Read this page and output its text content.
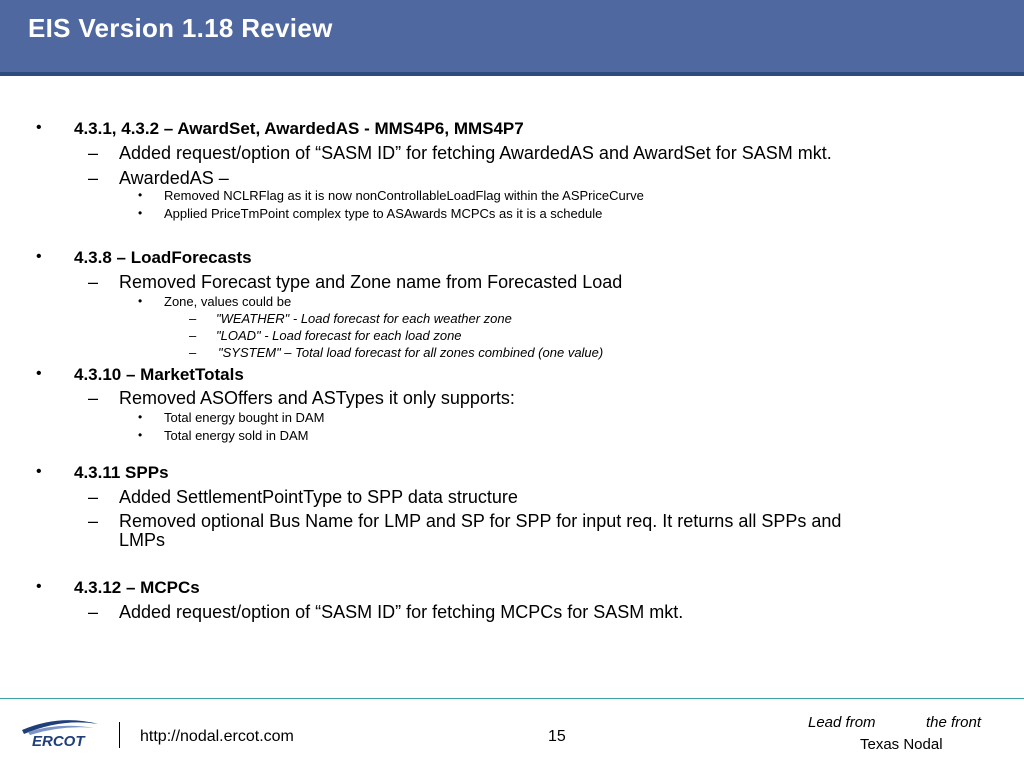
EIS Version 1.18 Review
• 4.3.1, 4.3.2 – AwardSet, AwardedAS - MMS4P6, MMS4P7
– Added request/option of “SASM ID” for fetching AwardedAS and AwardSet for SASM mkt.
– AwardedAS –
• Removed NCLRFlag as it is now nonControllableLoadFlag within the ASPriceCurve
• Applied PriceTmPoint complex type to ASAwards MCPCs as it is a schedule
• 4.3.8 – LoadForecasts
– Removed Forecast type and Zone name from Forecasted Load
• Zone, values could be
– "WEATHER" - Load forecast for each weather zone
– "LOAD" - Load forecast for each load zone
– "SYSTEM" – Total load forecast for all zones combined (one value)
• 4.3.10 – MarketTotals
– Removed ASOffers and ASTypes it only supports:
• Total energy bought in DAM
• Total energy sold in DAM
• 4.3.11 SPPs
– Added SettlementPointType to SPP data structure
– Removed optional Bus Name for LMP and SP for SPP for input req. It returns all SPPs and
LMPs
• 4.3.12 – MCPCs
– Added request/option of “SASM ID” for fetching MCPCs for SASM mkt.
ERCOT	http://nodal.ercot.com	15
Lead from	the front
Texas Nodal
